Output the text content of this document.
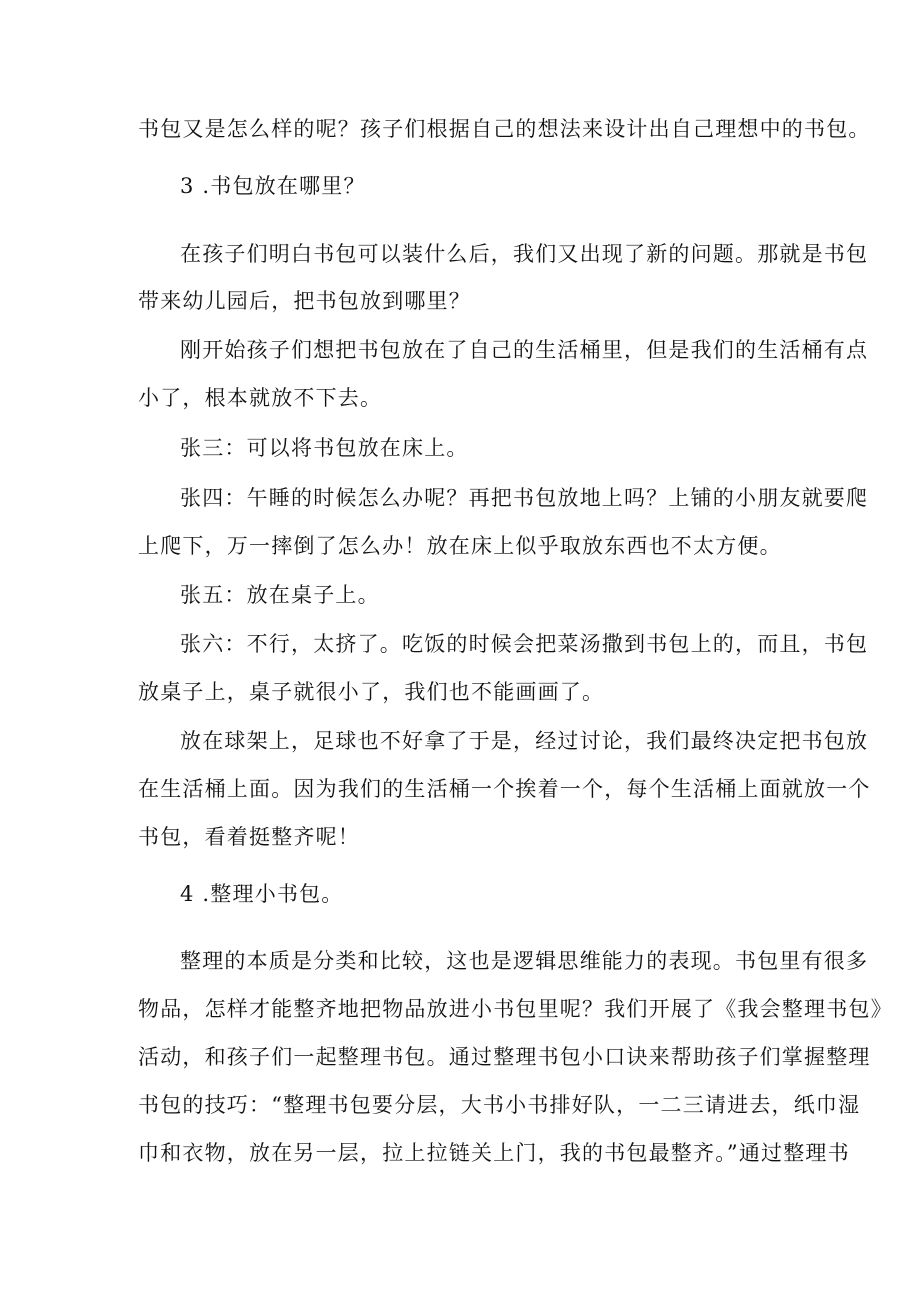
书包又是怎么样的呢？孩子们根据自己的想法来设计出自己理想中的书包。
3 .书包放在哪里？
在孩子们明白书包可以装什么后，我们又出现了新的问题。那就是书包
带来幼儿园后，把书包放到哪里？
刚开始孩子们想把书包放在了自己的生活桶里，但是我们的生活桶有点
小了，根本就放不下去。
张三：可以将书包放在床上。
张四：午睡的时候怎么办呢？再把书包放地上吗？上铺的小朋友就要爬
上爬下，万一摔倒了怎么办！放在床上似乎取放东西也不太方便。
张五：放在桌子上。
张六：不行，太挤了。吃饭的时候会把菜汤撒到书包上的，而且，书包
放桌子上，桌子就很小了，我们也不能画画了。
放在球架上，足球也不好拿了于是，经过讨论，我们最终决定把书包放
在生活桶上面。因为我们的生活桶一个挨着一个，每个生活桶上面就放一个
书包，看着挺整齐呢！
4 .整理小书包。
整理的本质是分类和比较，这也是逻辑思维能力的表现。书包里有很多
物品，怎样才能整齐地把物品放进小书包里呢？我们开展了《我会整理书包》
活动，和孩子们一起整理书包。通过整理书包小口诀来帮助孩子们掌握整理
书包的技巧：“整理书包要分层，大书小书排好队，一二三请进去，纸巾湿
巾和衣物，放在另一层，拉上拉链关上门，我的书包最整齐。”通过整理书
